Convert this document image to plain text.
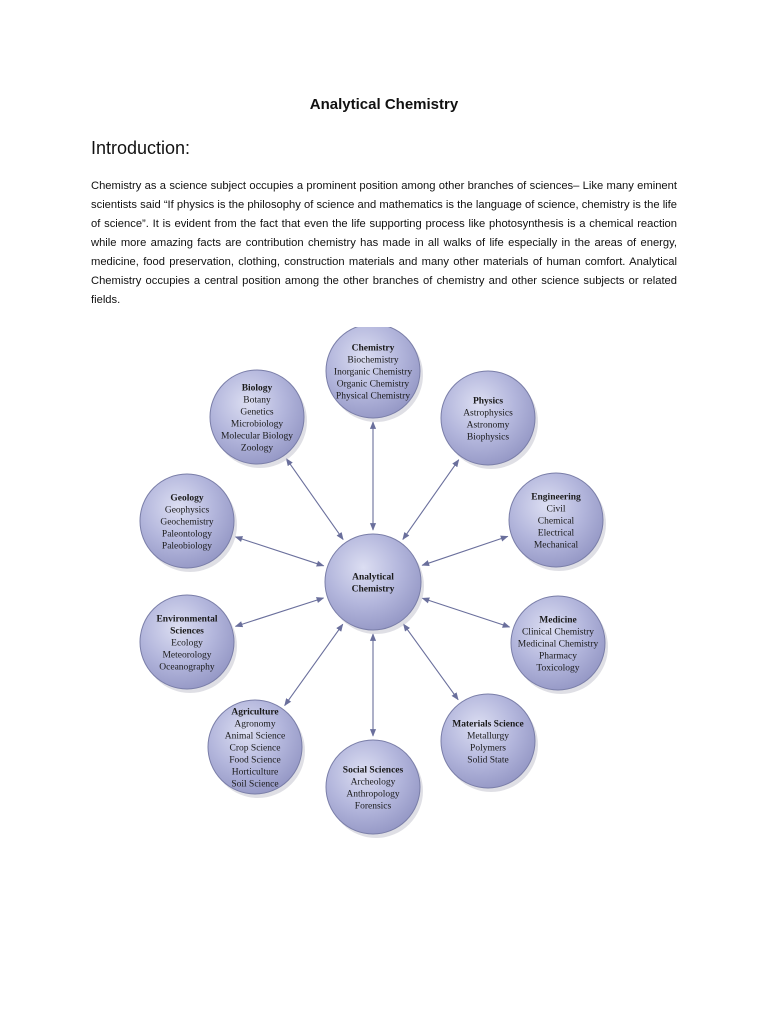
Analytical Chemistry
Introduction:

Chemistry as a science subject occupies a prominent position among other branches of sciences– Like many eminent scientists said “If physics is the philosophy of science and mathematics is the language of science, chemistry is the life of science”. It is evident from the fact that even the life supporting process like photosynthesis is a chemical reaction while more amazing facts are contribution chemistry has made in all walks of life especially in the areas of energy, medicine, food preservation, clothing, construction materials and many other materials of human comfort. Analytical Chemistry occupies a central position among the other branches of chemistry and other science subjects or related fields.

Analytical
Chemistry
Chemistry
Biochemistry
Inorganic Chemistry
Organic Chemistry
Physical Chemistry	Physics
Astrophysics
Astronomy
Biophysics
Engineering
Civil
Chemical
Electrical
Mechanical
Medicine
Clinical Chemistry
Medicinal Chemistry
Pharmacy
Toxicology
Materials Science
Metallurgy
Polymers
Solid State
Social Sciences
Archeology
Anthropology
Forensics
Agriculture
Agronomy
Animal Science
Crop Science
Food Science
Horticulture
Soil Science
Environmental
Sciences
Ecology
Meteorology
Oceanography
Geology
Geophysics
Geochemistry
Paleontology
Paleobiology
Biology
Botany
Genetics
Microbiology
Molecular Biology
Zoology
